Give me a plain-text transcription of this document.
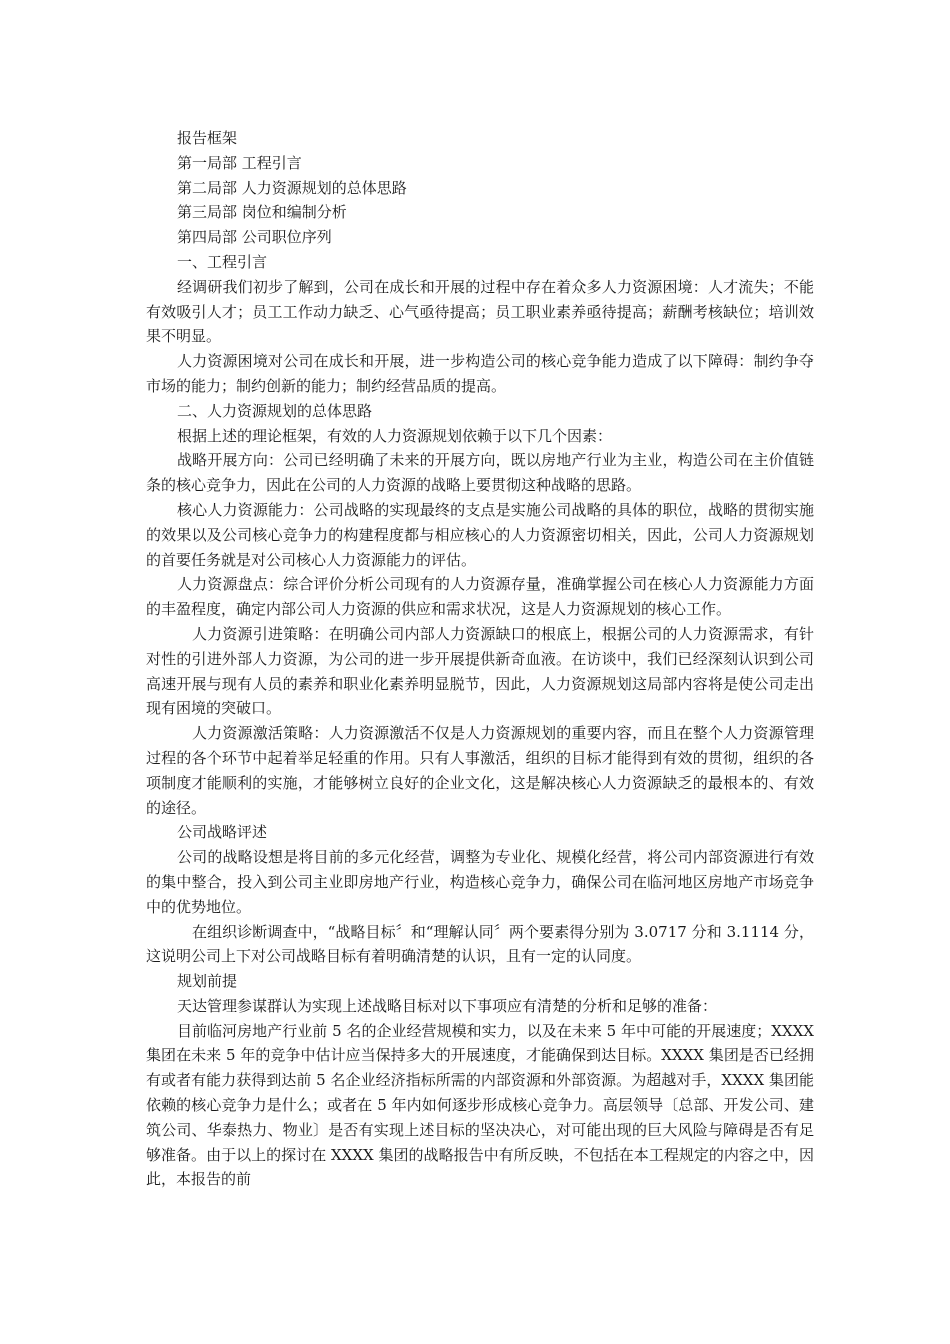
报告框架

第一局部 工程引言

第二局部 人力资源规划的总体思路

第三局部 岗位和编制分析

第四局部 公司职位序列

一、工程引言

经调研我们初步了解到，公司在成长和开展的过程中存在着众多人力资源困境：人才流失；不能有效吸引人才；员工工作动力缺乏、心气亟待提高；员工职业素养亟待提高；薪酬考核缺位；培训效果不明显。

人力资源困境对公司在成长和开展，进一步构造公司的核心竞争能力造成了以下障碍：制约争夺市场的能力；制约创新的能力；制约经营品质的提高。

二、人力资源规划的总体思路

根据上述的理论框架，有效的人力资源规划依赖于以下几个因素：

战略开展方向：公司已经明确了未来的开展方向，既以房地产行业为主业，构造公司在主价值链条的核心竞争力，因此在公司的人力资源的战略上要贯彻这种战略的思路。

核心人力资源能力：公司战略的实现最终的支点是实施公司战略的具体的职位，战略的贯彻实施的效果以及公司核心竞争力的构建程度都与相应核心的人力资源密切相关，因此，公司人力资源规划的首要任务就是对公司核心人力资源能力的评估。

人力资源盘点：综合评价分析公司现有的人力资源存量，准确掌握公司在核心人力资源能力方面的丰盈程度，确定内部公司人力资源的供应和需求状况，这是人力资源规划的核心工作。

人力资源引进策略：在明确公司内部人力资源缺口的根底上，根据公司的人力资源需求，有针对性的引进外部人力资源，为公司的进一步开展提供新奇血液。在访谈中，我们已经深刻认识到公司高速开展与现有人员的素养和职业化素养明显脱节，因此，人力资源规划这局部内容将是使公司走出现有困境的突破口。

人力资源激活策略：人力资源激活不仅是人力资源规划的重要内容，而且在整个人力资源管理过程的各个环节中起着举足轻重的作用。只有人事激活，组织的目标才能得到有效的贯彻，组织的各项制度才能顺利的实施，才能够树立良好的企业文化，这是解决核心人力资源缺乏的最根本的、有效的途径。

公司战略评述

公司的战略设想是将目前的多元化经营，调整为专业化、规模化经营，将公司内部资源进行有效的集中整合，投入到公司主业即房地产行业，构造核心竞争力，确保公司在临河地区房地产市场竞争中的优势地位。

在组织诊断调查中，“战略目标〞和“理解认同〞两个要素得分别为 3.0717 分和 3.1114 分，这说明公司上下对公司战略目标有着明确清楚的认识，且有一定的认同度。

规划前提

天达管理参谋群认为实现上述战略目标对以下事项应有清楚的分析和足够的准备：

目前临河房地产行业前 5 名的企业经营规模和实力，以及在未来 5 年中可能的开展速度；XXXX 集团在未来 5 年的竞争中估计应当保持多大的开展速度，才能确保到达目标。XXXX 集团是否已经拥有或者有能力获得到达前 5 名企业经济指标所需的内部资源和外部资源。为超越对手，XXXX 集团能依赖的核心竞争力是什么；或者在 5 年内如何逐步形成核心竞争力。高层领导〔总部、开发公司、建筑公司、华泰热力、物业〕是否有实现上述目标的坚决决心，对可能出现的巨大风险与障碍是否有足够准备。由于以上的探讨在 XXXX 集团的战略报告中有所反映，不包括在本工程规定的内容之中，因此，本报告的前
